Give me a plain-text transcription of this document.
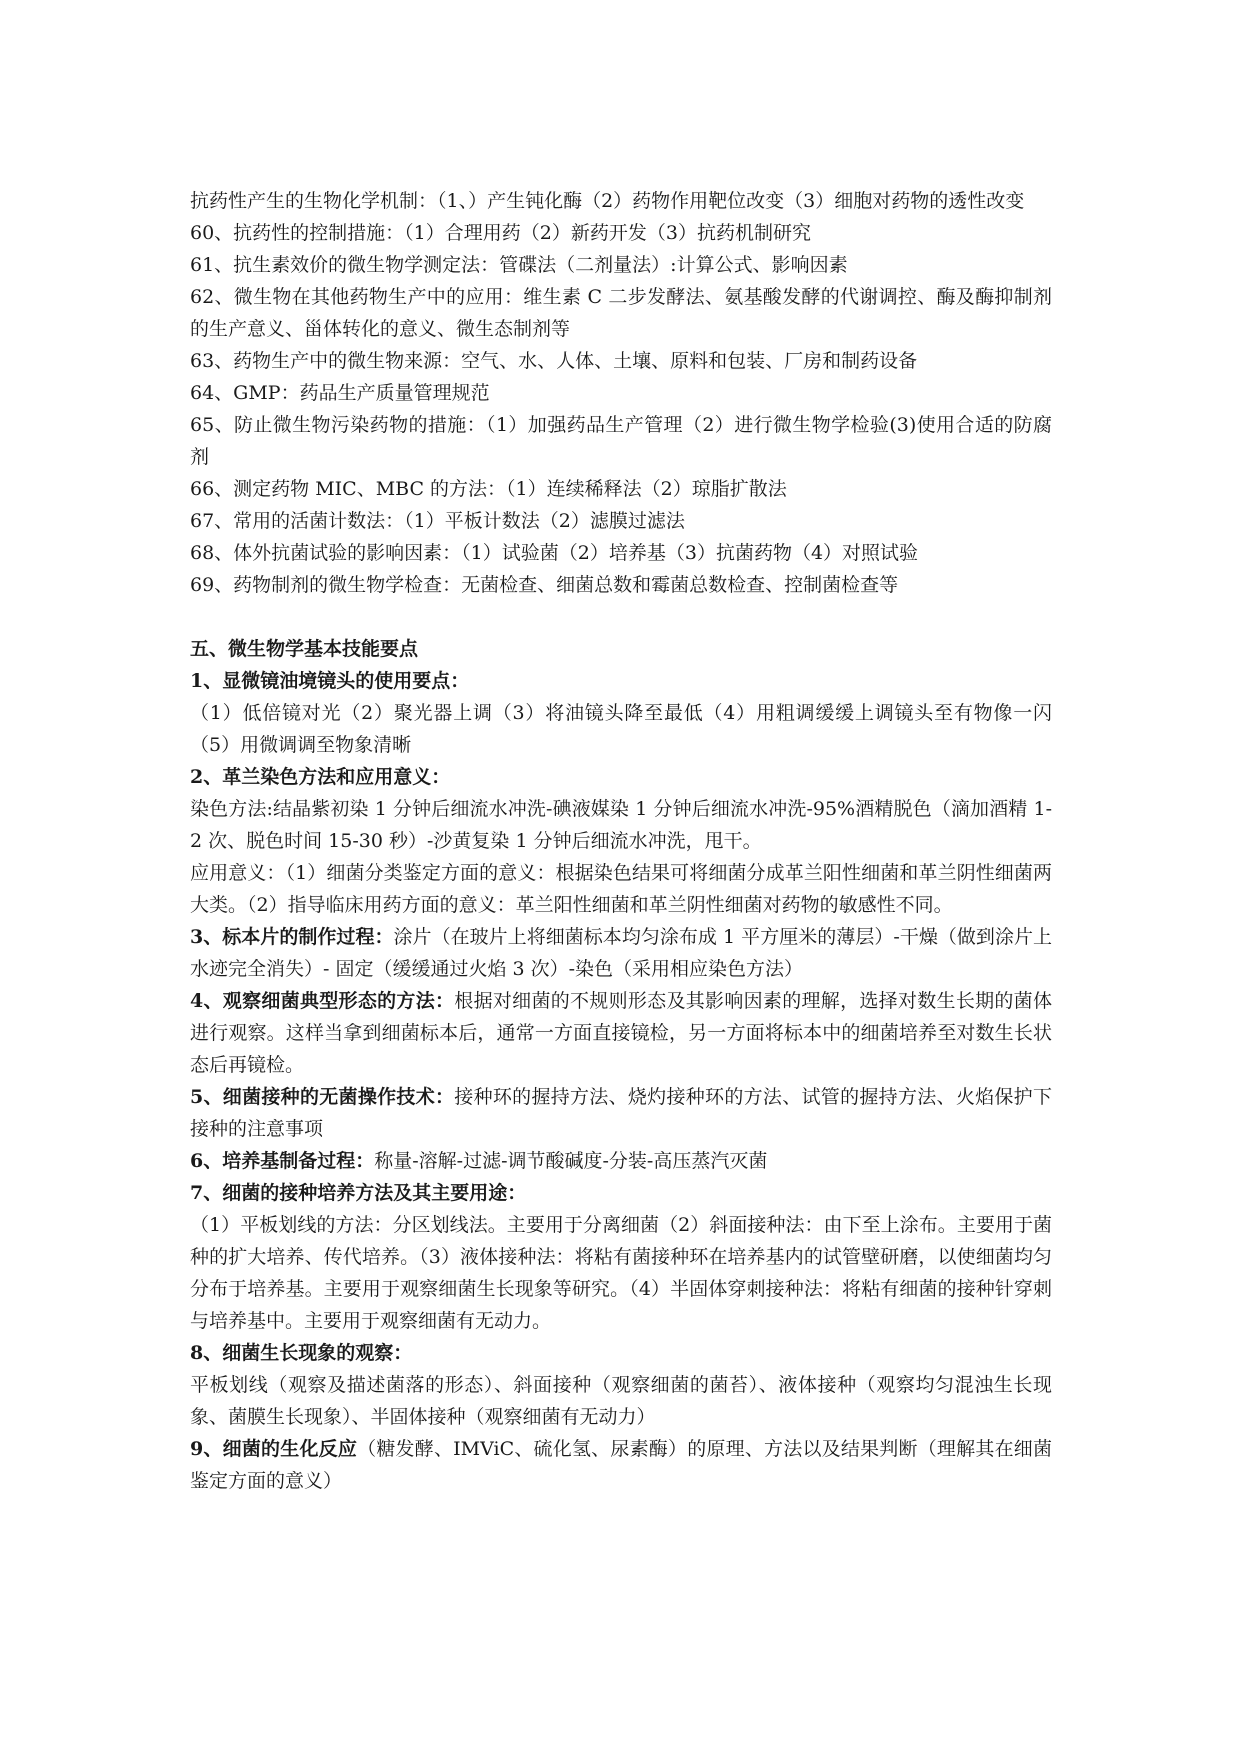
抗药性产生的生物化学机制：（1、）产生钝化酶（2）药物作用靶位改变（3）细胞对药物的透性改变

60、抗药性的控制措施：（1）合理用药（2）新药开发（3）抗药机制研究

61、抗生素效价的微生物学测定法：管碟法（二剂量法）:计算公式、影响因素

62、微生物在其他药物生产中的应用：维生素 C 二步发酵法、氨基酸发酵的代谢调控、酶及酶抑制剂的生产意义、甾体转化的意义、微生态制剂等

63、药物生产中的微生物来源：空气、水、人体、土壤、原料和包装、厂房和制药设备

64、GMP：药品生产质量管理规范

65、防止微生物污染药物的措施：（1）加强药品生产管理（2）进行微生物学检验(3)使用合适的防腐剂

66、测定药物 MIC、MBC 的方法：（1）连续稀释法（2）琼脂扩散法

67、常用的活菌计数法：（1）平板计数法（2）滤膜过滤法

68、体外抗菌试验的影响因素：（1）试验菌（2）培养基（3）抗菌药物（4）对照试验

69、药物制剂的微生物学检查：无菌检查、细菌总数和霉菌总数检查、控制菌检查等

五、微生物学基本技能要点

1、显微镜油境镜头的使用要点：

（1）低倍镜对光（2）聚光器上调（3）将油镜头降至最低（4）用粗调缓缓上调镜头至有物像一闪（5）用微调调至物象清晰

2、革兰染色方法和应用意义：

染色方法:结晶紫初染 1 分钟后细流水冲洗-碘液媒染 1 分钟后细流水冲洗-95%酒精脱色（滴加酒精 1-2 次、脱色时间 15-30 秒）-沙黄复染 1 分钟后细流水冲洗，甩干。

应用意义：（1）细菌分类鉴定方面的意义：根据染色结果可将细菌分成革兰阳性细菌和革兰阴性细菌两大类。（2）指导临床用药方面的意义：革兰阳性细菌和革兰阴性细菌对药物的敏感性不同。

3、标本片的制作过程：涂片（在玻片上将细菌标本均匀涂布成 1 平方厘米的薄层）-干燥（做到涂片上水迹完全消失）- 固定（缓缓通过火焰 3 次）-染色（采用相应染色方法）

4、观察细菌典型形态的方法：根据对细菌的不规则形态及其影响因素的理解，选择对数生长期的菌体进行观察。这样当拿到细菌标本后，通常一方面直接镜检，另一方面将标本中的细菌培养至对数生长状态后再镜检。

5、细菌接种的无菌操作技术：接种环的握持方法、烧灼接种环的方法、试管的握持方法、火焰保护下接种的注意事项

6、培养基制备过程：称量-溶解-过滤-调节酸碱度-分装-高压蒸汽灭菌

7、细菌的接种培养方法及其主要用途：

（1）平板划线的方法：分区划线法。主要用于分离细菌（2）斜面接种法：由下至上涂布。主要用于菌种的扩大培养、传代培养。（3）液体接种法：将粘有菌接种环在培养基内的试管壁研磨，以使细菌均匀分布于培养基。主要用于观察细菌生长现象等研究。（4）半固体穿刺接种法：将粘有细菌的接种针穿刺与培养基中。主要用于观察细菌有无动力。

8、细菌生长现象的观察：

平板划线（观察及描述菌落的形态）、斜面接种（观察细菌的菌苔）、液体接种（观察均匀混浊生长现象、菌膜生长现象）、半固体接种（观察细菌有无动力）

9、细菌的生化反应（糖发酵、IMViC、硫化氢、尿素酶）的原理、方法以及结果判断（理解其在细菌鉴定方面的意义）
